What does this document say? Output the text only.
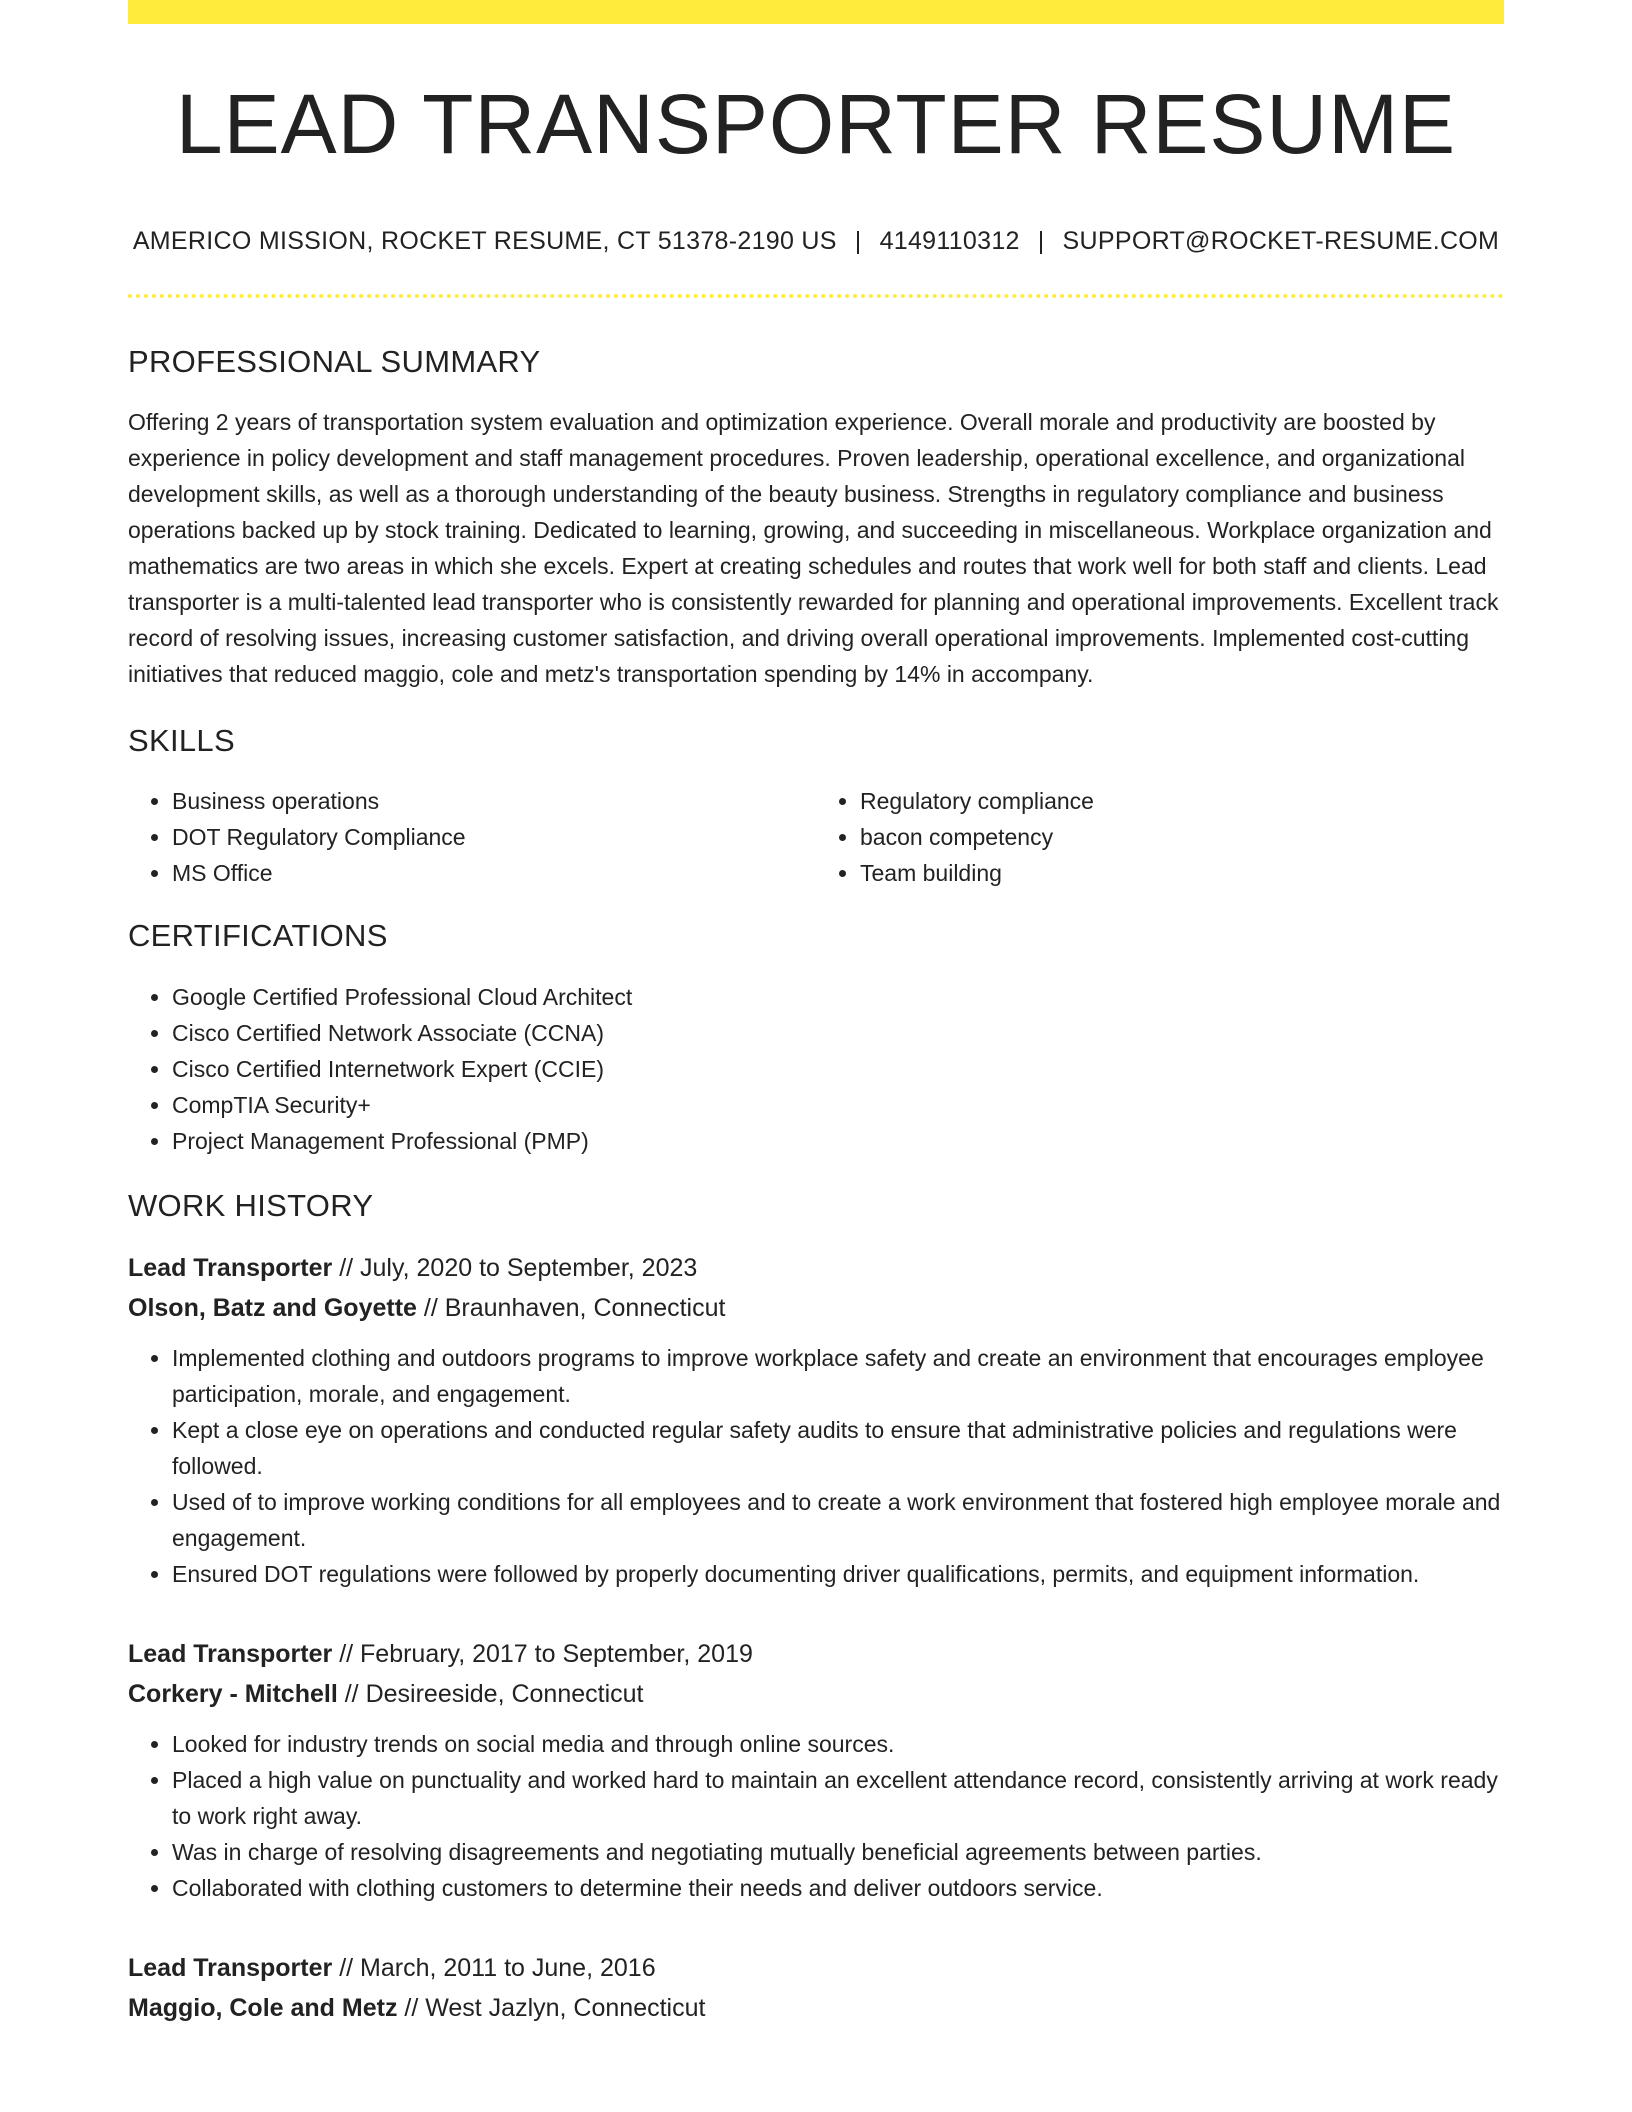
LEAD TRANSPORTER RESUME
AMERICO MISSION, ROCKET RESUME, CT 51378-2190 US | 4149110312 | SUPPORT@ROCKET-RESUME.COM
PROFESSIONAL SUMMARY

Offering 2 years of transportation system evaluation and optimization experience. Overall morale and productivity are boosted by experience in policy development and staff management procedures. Proven leadership, operational excellence, and organizational development skills, as well as a thorough understanding of the beauty business. Strengths in regulatory compliance and business operations backed up by stock training. Dedicated to learning, growing, and succeeding in miscellaneous. Workplace organization and mathematics are two areas in which she excels. Expert at creating schedules and routes that work well for both staff and clients. Lead transporter is a multi-talented lead transporter who is consistently rewarded for planning and operational improvements. Excellent track record of resolving issues, increasing customer satisfaction, and driving overall operational improvements. Implemented cost-cutting initiatives that reduced maggio, cole and metz's transportation spending by 14% in accompany.

SKILLS
• Business operations
• DOT Regulatory Compliance
• MS Office
• Regulatory compliance
• bacon competency
• Team building
CERTIFICATIONS
• Google Certified Professional Cloud Architect
• Cisco Certified Network Associate (CCNA)
• Cisco Certified Internetwork Expert (CCIE)
• CompTIA Security+
• Project Management Professional (PMP)
WORK HISTORY
Lead Transporter // July, 2020 to September, 2023
Olson, Batz and Goyette // Braunhaven, Connecticut
• Implemented clothing and outdoors programs to improve workplace safety and create an environment that encourages employee participation, morale, and engagement.
• Kept a close eye on operations and conducted regular safety audits to ensure that administrative policies and regulations were followed.
• Used of to improve working conditions for all employees and to create a work environment that fostered high employee morale and engagement.
• Ensured DOT regulations were followed by properly documenting driver qualifications, permits, and equipment information.
Lead Transporter // February, 2017 to September, 2019
Corkery - Mitchell // Desireeside, Connecticut
• Looked for industry trends on social media and through online sources.
• Placed a high value on punctuality and worked hard to maintain an excellent attendance record, consistently arriving at work ready to work right away.
• Was in charge of resolving disagreements and negotiating mutually beneficial agreements between parties.
• Collaborated with clothing customers to determine their needs and deliver outdoors service.
Lead Transporter // March, 2011 to June, 2016
Maggio, Cole and Metz // West Jazlyn, Connecticut
